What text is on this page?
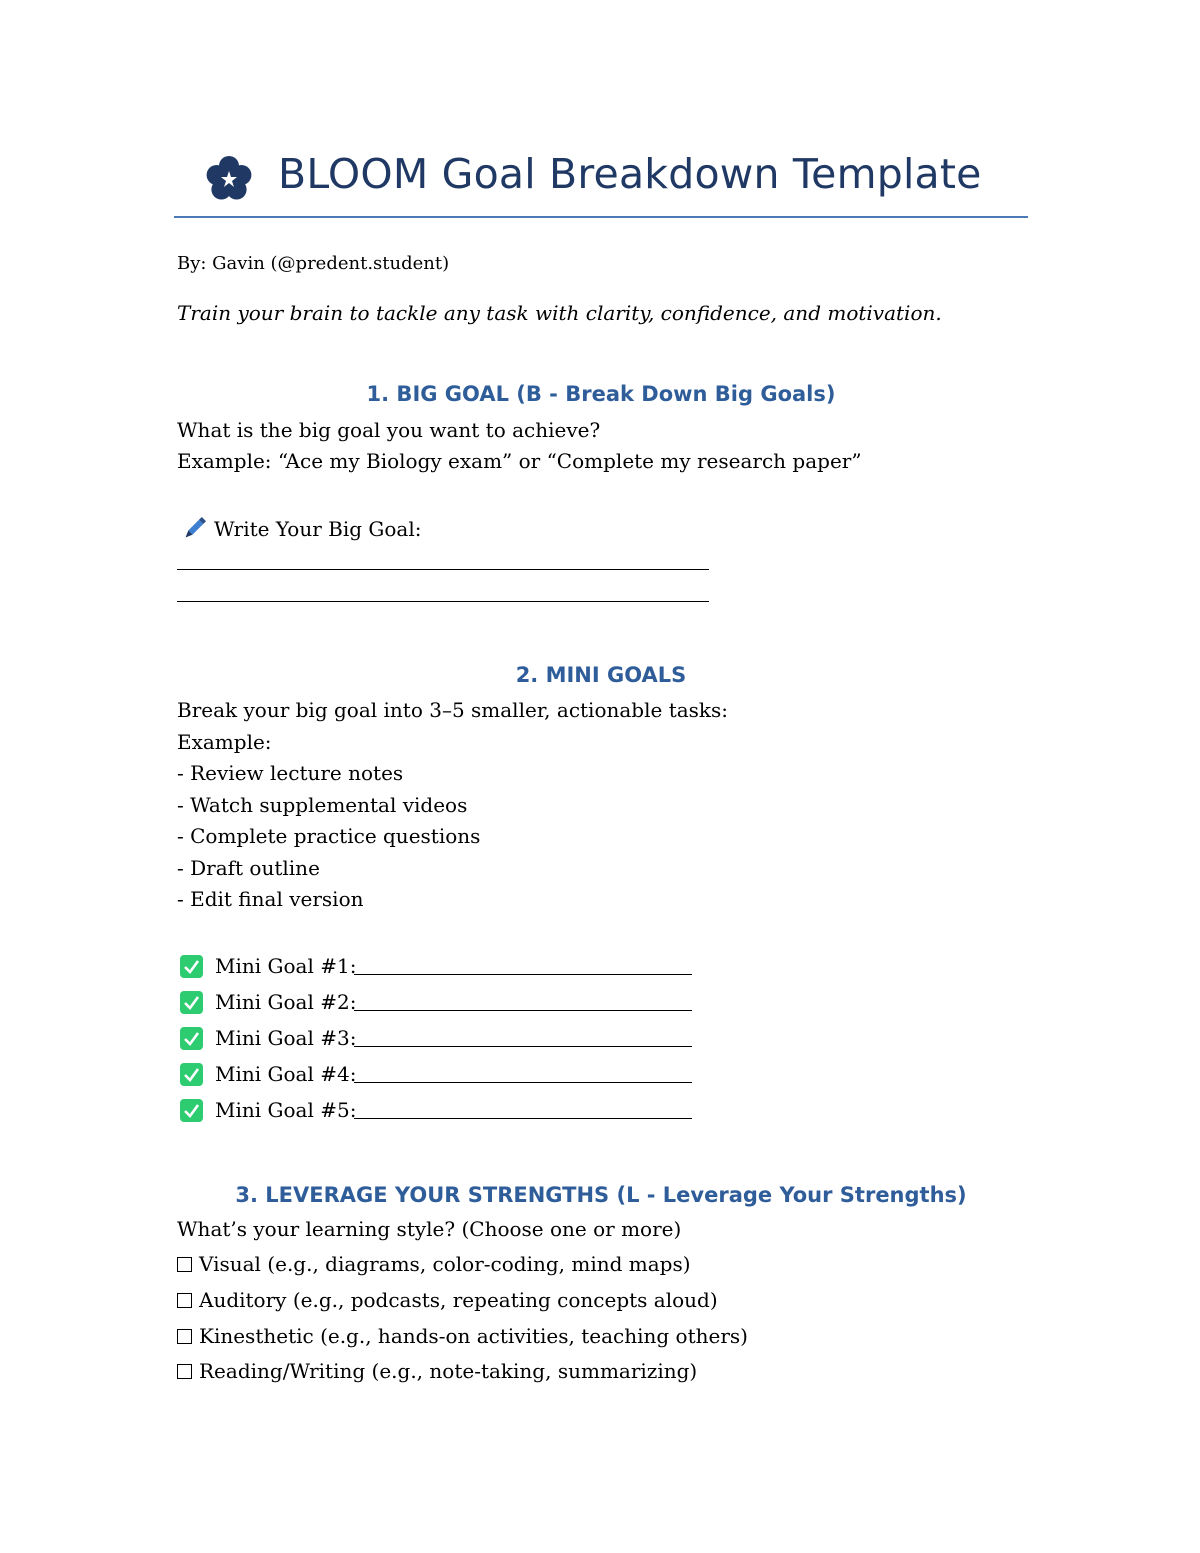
BLOOM Goal Breakdown Template
By: Gavin (@predent.student)
Train your brain to tackle any task with clarity, confidence, and motivation.
1. BIG GOAL (B - Break Down Big Goals)
What is the big goal you want to achieve?
Example: “Ace my Biology exam” or “Complete my research paper”
Write Your Big Goal:
2. MINI GOALS
Break your big goal into 3–5 smaller, actionable tasks:
Example:
- Review lecture notes
- Watch supplemental videos
- Complete practice questions
- Draft outline
- Edit final version
Mini Goal #1:
Mini Goal #2:
Mini Goal #3:
Mini Goal #4:
Mini Goal #5:
3. LEVERAGE YOUR STRENGTHS (L - Leverage Your Strengths)
What’s your learning style? (Choose one or more)
Visual (e.g., diagrams, color-coding, mind maps)
Auditory (e.g., podcasts, repeating concepts aloud)
Kinesthetic (e.g., hands-on activities, teaching others)
Reading/Writing (e.g., note-taking, summarizing)
